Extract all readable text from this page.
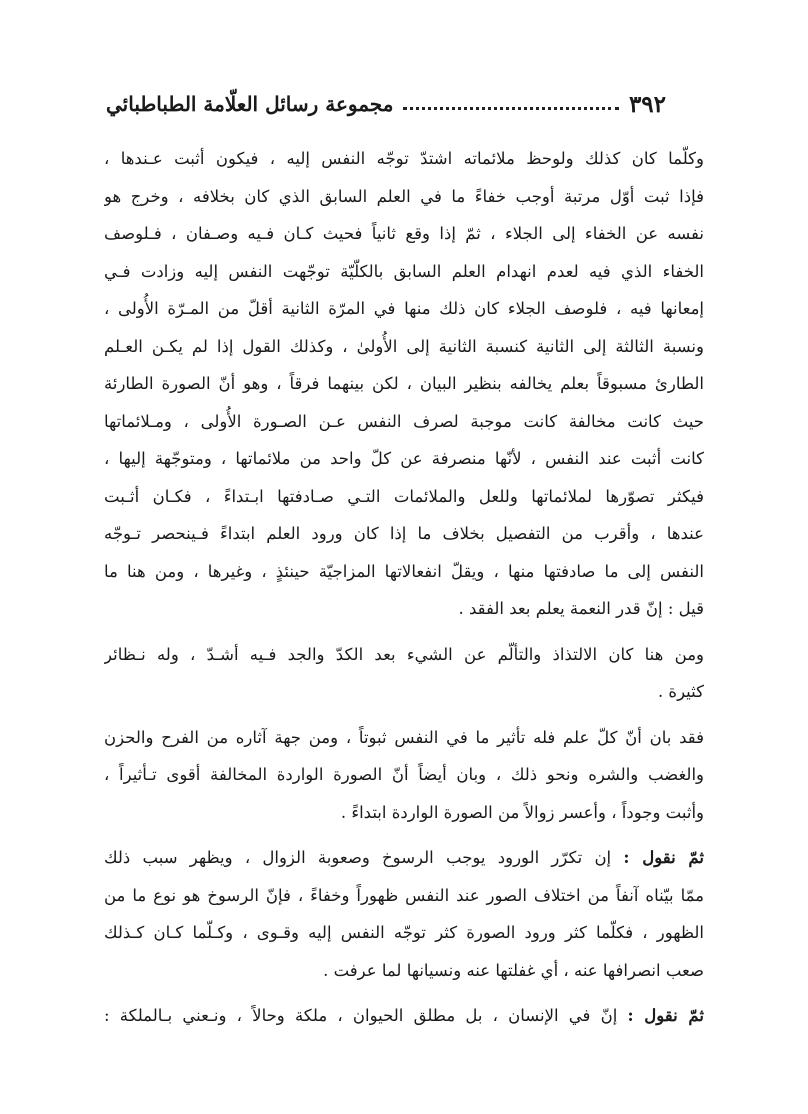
٣٩٢
مجموعة رسائل العلّامة الطباطبائي
وكلّما كان كذلك ولوحظ ملائماته اشتدّ توجّه النفس إليه ، فيكون أثبت عـندها ،
فإذا ثبت أوّل مرتبة أوجب خفاءً ما في العلم السابق الذي كان بخلافه ، وخرج هو
نفسه عن الخفاء إلى الجلاء ، ثمّ إذا وقع ثانياً فحيث كـان فـيه وصـفان ، فـلوصف
الخفاء الذي فيه لعدم انهدام العلم السابق بالكلّيّة توجّهت النفس إليه وزادت فـي
إمعانها فيه ، فلوصف الجلاء كان ذلك منها في المرّة الثانية أقلّ من المـرّة الأُولى ،
ونسبة الثالثة إلى الثانية كنسبة الثانية إلى الأُولىٰ ، وكذلك القول إذا لم يكـن العـلم
الطارئ مسبوقاً بعلم يخالفه بنظير البيان ، لكن بينهما فرقاً ، وهو أنّ الصورة الطارئة
حيث كانت مخالفة كانت موجبة لصرف النفس عـن الصـورة الأُولى ، ومـلائماتها
كانت أثبت عند النفس ، لأنّها منصرفة عن كلّ واحد من ملائماتها ، ومتوجّهة إليها ،
فيكثر تصوّرها لملائماتها وللعل والملائمات التـي صـادفتها ابـتداءً ، فكـان أثـبت
عندها ، وأقرب من التفصيل بخلاف ما إذا كان ورود العلم ابتداءً فـينحصر تـوجّه
النفس إلى ما صادفتها منها ، ويقلّ انفعالاتها المزاجيّة حينئذٍ ، وغيرها ، ومن هنا ما
قيل : إنّ قدر النعمة يعلم بعد الفقد .
ومن هنا كان الالتذاذ والتألّم عن الشيء بعد الكدّ والجد فـيه أشـدّ ، وله نـظائر
كثيرة .
فقد بان أنّ كلّ علم فله تأثير ما في النفس ثبوتاً ، ومن جهة آثاره من الفرح والحزن
والغضب والشره ونحو ذلك ، وبان أيضاً أنّ الصورة الواردة المخالفة أقوى تـأثيراً ،
وأثبت وجوداً ، وأعسر زوالاً من الصورة الواردة ابتداءً .
ثمّ نقول : إن تكرّر الورود يوجب الرسوخ وصعوبة الزوال ، ويظهر سبب ذلك
ممّا بيّناه آنفاً من اختلاف الصور عند النفس ظهوراً وخفاءً ، فإنّ الرسوخ هو نوع ما من
الظهور ، فكلّما كثر ورود الصورة كثر توجّه النفس إليه وقـوى ، وكـلّما كـان كـذلك
صعب انصرافها عنه ، أي غفلتها عنه ونسيانها لما عرفت .
ثمّ نقول : إنّ في الإنسان ، بل مطلق الحيوان ، ملكة وحالاً ، ونـعني بـالملكة :
